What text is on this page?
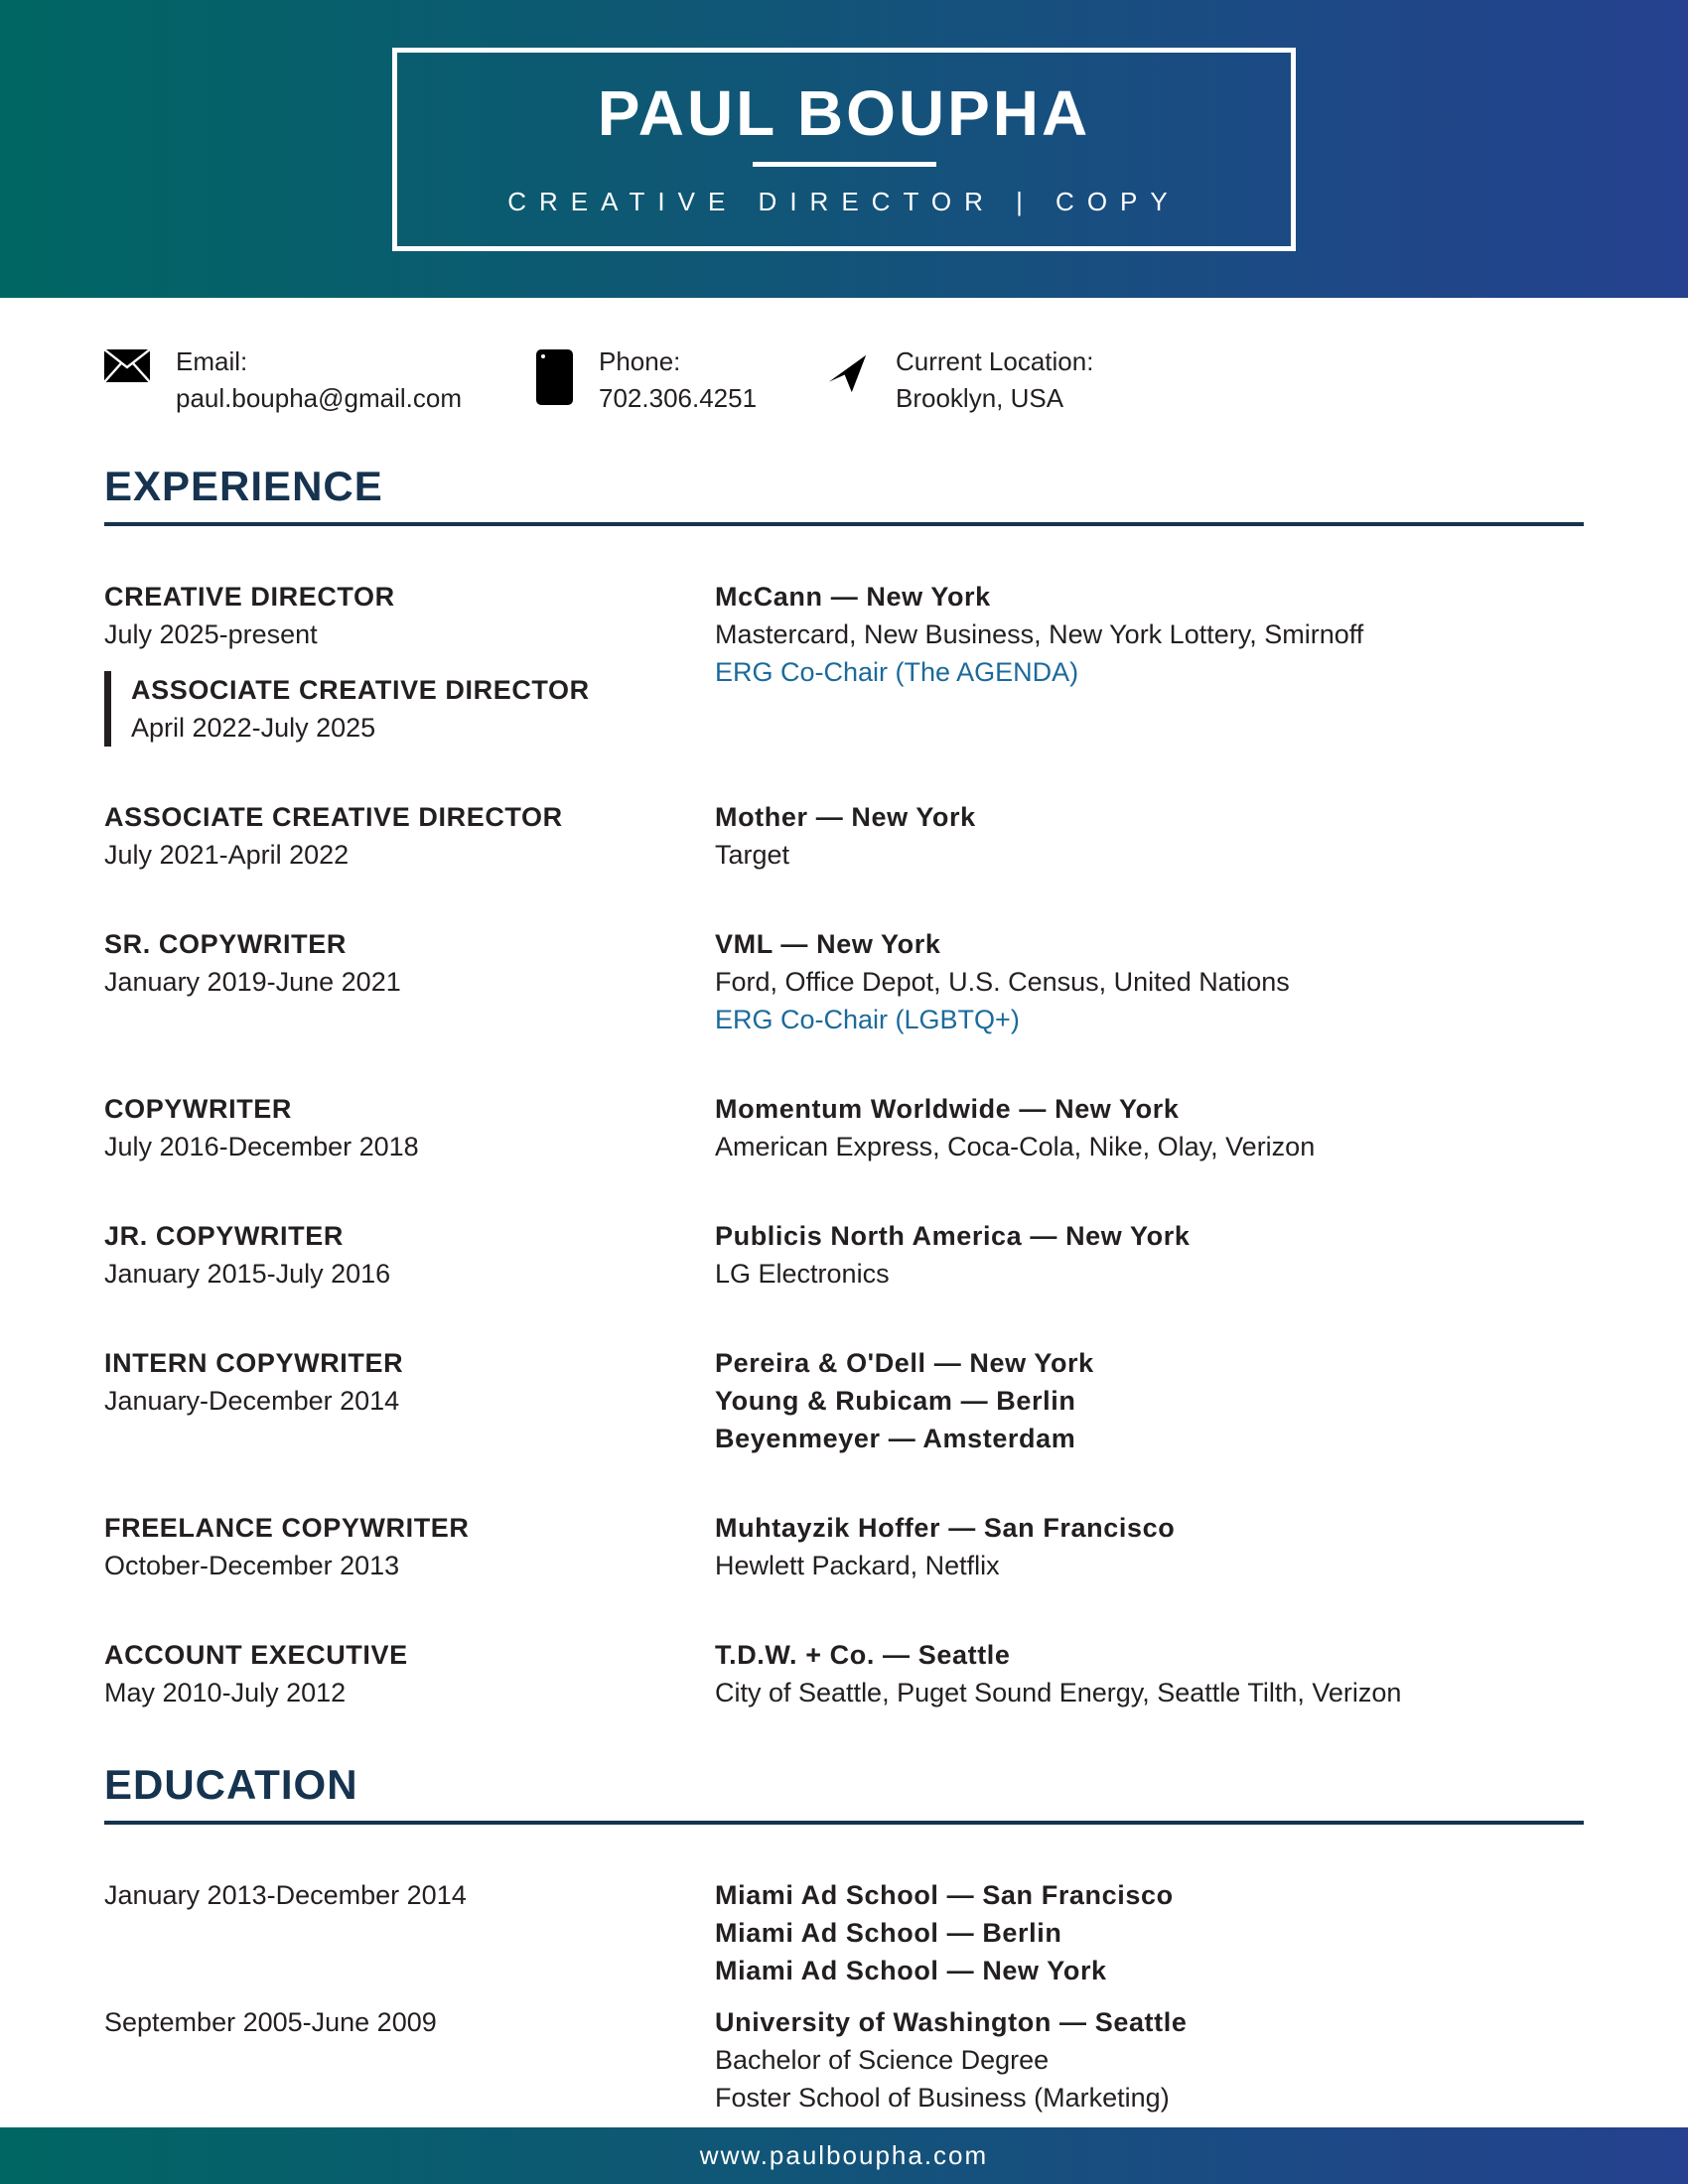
PAUL BOUPHA
CREATIVE DIRECTOR | COPY
Email:
paul.boupha@gmail.com
Phone:
702.306.4251
Current Location:
Brooklyn, USA
EXPERIENCE
CREATIVE DIRECTOR
July 2025-present
ASSOCIATE CREATIVE DIRECTOR
April 2022-July 2025
McCann — New York
Mastercard, New Business, New York Lottery, Smirnoff
ERG Co-Chair (The AGENDA)
ASSOCIATE CREATIVE DIRECTOR
July 2021-April 2022
Mother — New York
Target
SR. COPYWRITER
January 2019-June 2021
VML — New York
Ford, Office Depot, U.S. Census, United Nations
ERG Co-Chair (LGBTQ+)
COPYWRITER
July 2016-December 2018
Momentum Worldwide — New York
American Express, Coca-Cola, Nike, Olay, Verizon
JR. COPYWRITER
January 2015-July 2016
Publicis North America — New York
LG Electronics
INTERN COPYWRITER
January-December 2014
Pereira & O'Dell — New York
Young & Rubicam — Berlin
Beyenmeyer — Amsterdam
FREELANCE COPYWRITER
October-December 2013
Muhtayzik Hoffer — San Francisco
Hewlett Packard, Netflix
ACCOUNT EXECUTIVE
May 2010-July 2012
T.D.W. + Co. — Seattle
City of Seattle, Puget Sound Energy, Seattle Tilth, Verizon
EDUCATION
January 2013-December 2014	Miami Ad School — San Francisco
Miami Ad School — Berlin
Miami Ad School — New York
September 2005-June 2009	University of Washington — Seattle
Bachelor of Science Degree
Foster School of Business (Marketing)
www.paulboupha.com
